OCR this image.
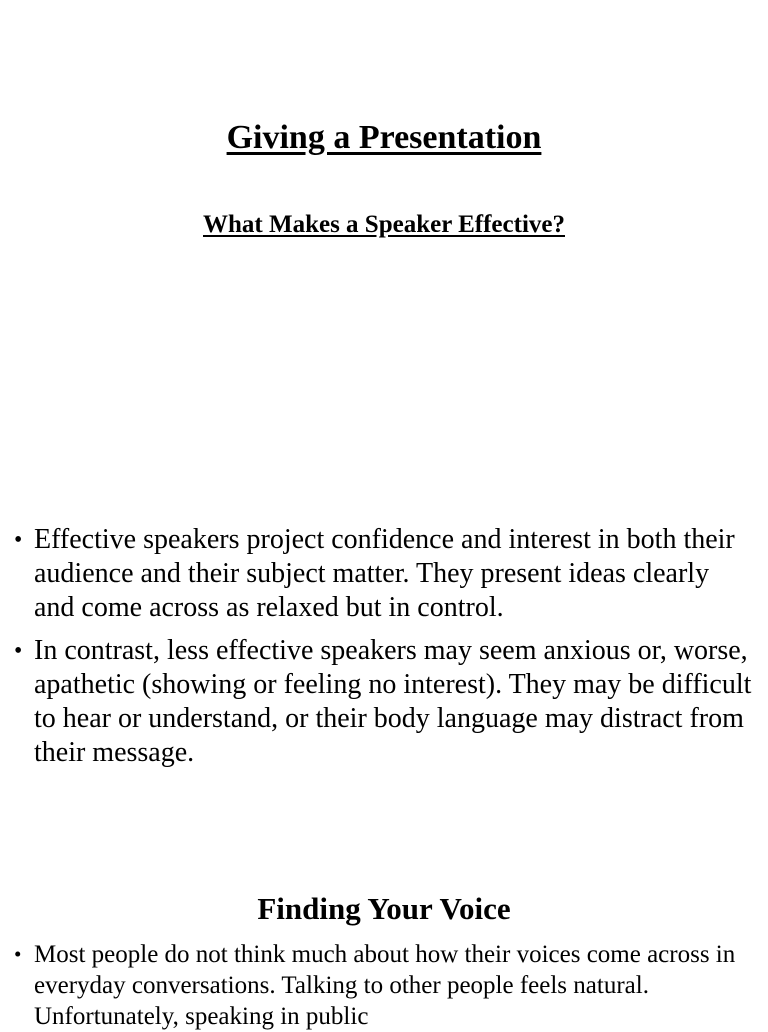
Giving a Presentation
What Makes a Speaker Effective?
• Effective speakers project confidence and interest in both their audience and their subject matter. They present ideas clearly and come across as relaxed but in control.
• In contrast, less effective speakers may seem anxious or, worse, apathetic (showing or feeling no interest). They may be difficult to hear or understand, or their body language may distract from their message.
Finding Your Voice
• Most people do not think much about how their voices come across in everyday conversations. Talking to other people feels natural. Unfortunately, speaking in public
